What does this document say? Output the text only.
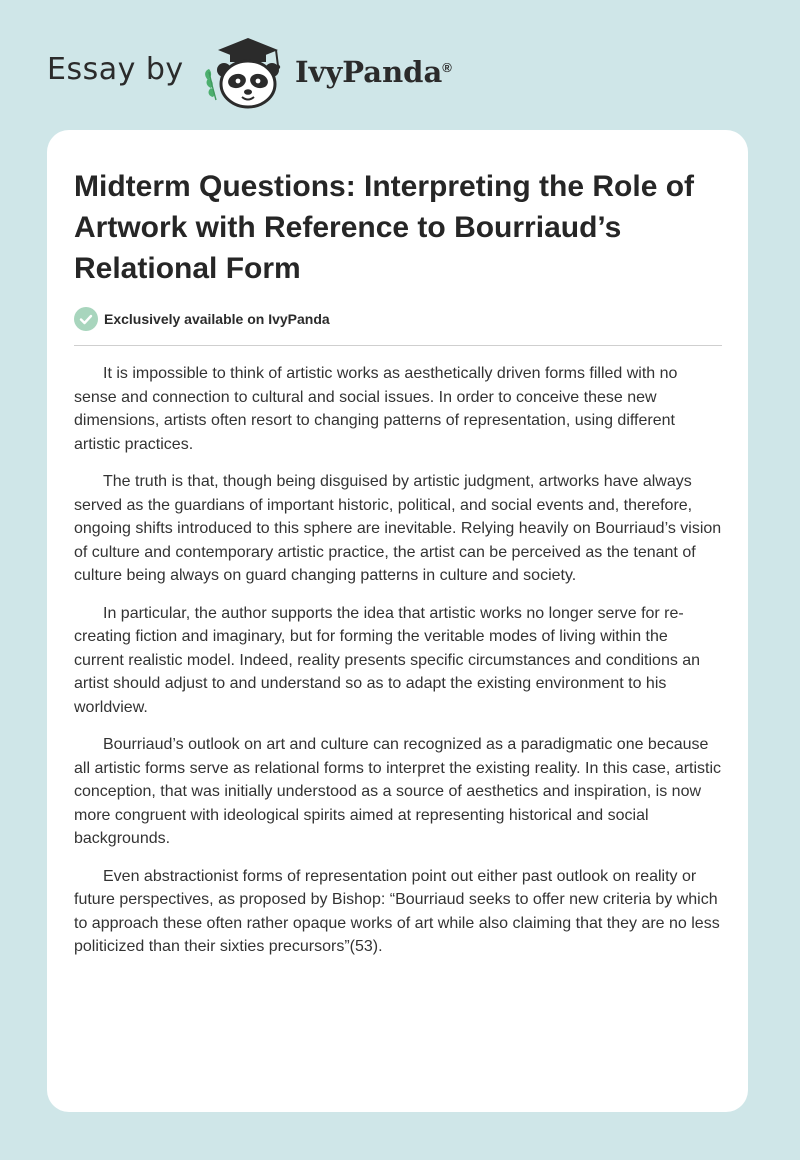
Essay by	IvyPanda®
Midterm Questions: Interpreting the Role of Artwork with Reference to Bourriaud’s Relational Form
Exclusively available on IvyPanda

It is impossible to think of artistic works as aesthetically driven forms filled with no sense and connection to cultural and social issues. In order to conceive these new dimensions, artists often resort to changing patterns of representation, using different artistic practices.

The truth is that, though being disguised by artistic judgment, artworks have always served as the guardians of important historic, political, and social events and, therefore, ongoing shifts introduced to this sphere are inevitable. Relying heavily on Bourriaud’s vision of culture and contemporary artistic practice, the artist can be perceived as the tenant of culture being always on guard changing patterns in culture and society.

In particular, the author supports the idea that artistic works no longer serve for re-creating fiction and imaginary, but for forming the veritable modes of living within the current realistic model. Indeed, reality presents specific circumstances and conditions an artist should adjust to and understand so as to adapt the existing environment to his worldview.

Bourriaud’s outlook on art and culture can recognized as a paradigmatic one because all artistic forms serve as relational forms to interpret the existing reality. In this case, artistic conception, that was initially understood as a source of aesthetics and inspiration, is now more congruent with ideological spirits aimed at representing historical and social backgrounds.

Even abstractionist forms of representation point out either past outlook on reality or future perspectives, as proposed by Bishop: “Bourriaud seeks to offer new criteria by which to approach these often rather opaque works of art while also claiming that they are no less politicized than their sixties precursors”(53).
